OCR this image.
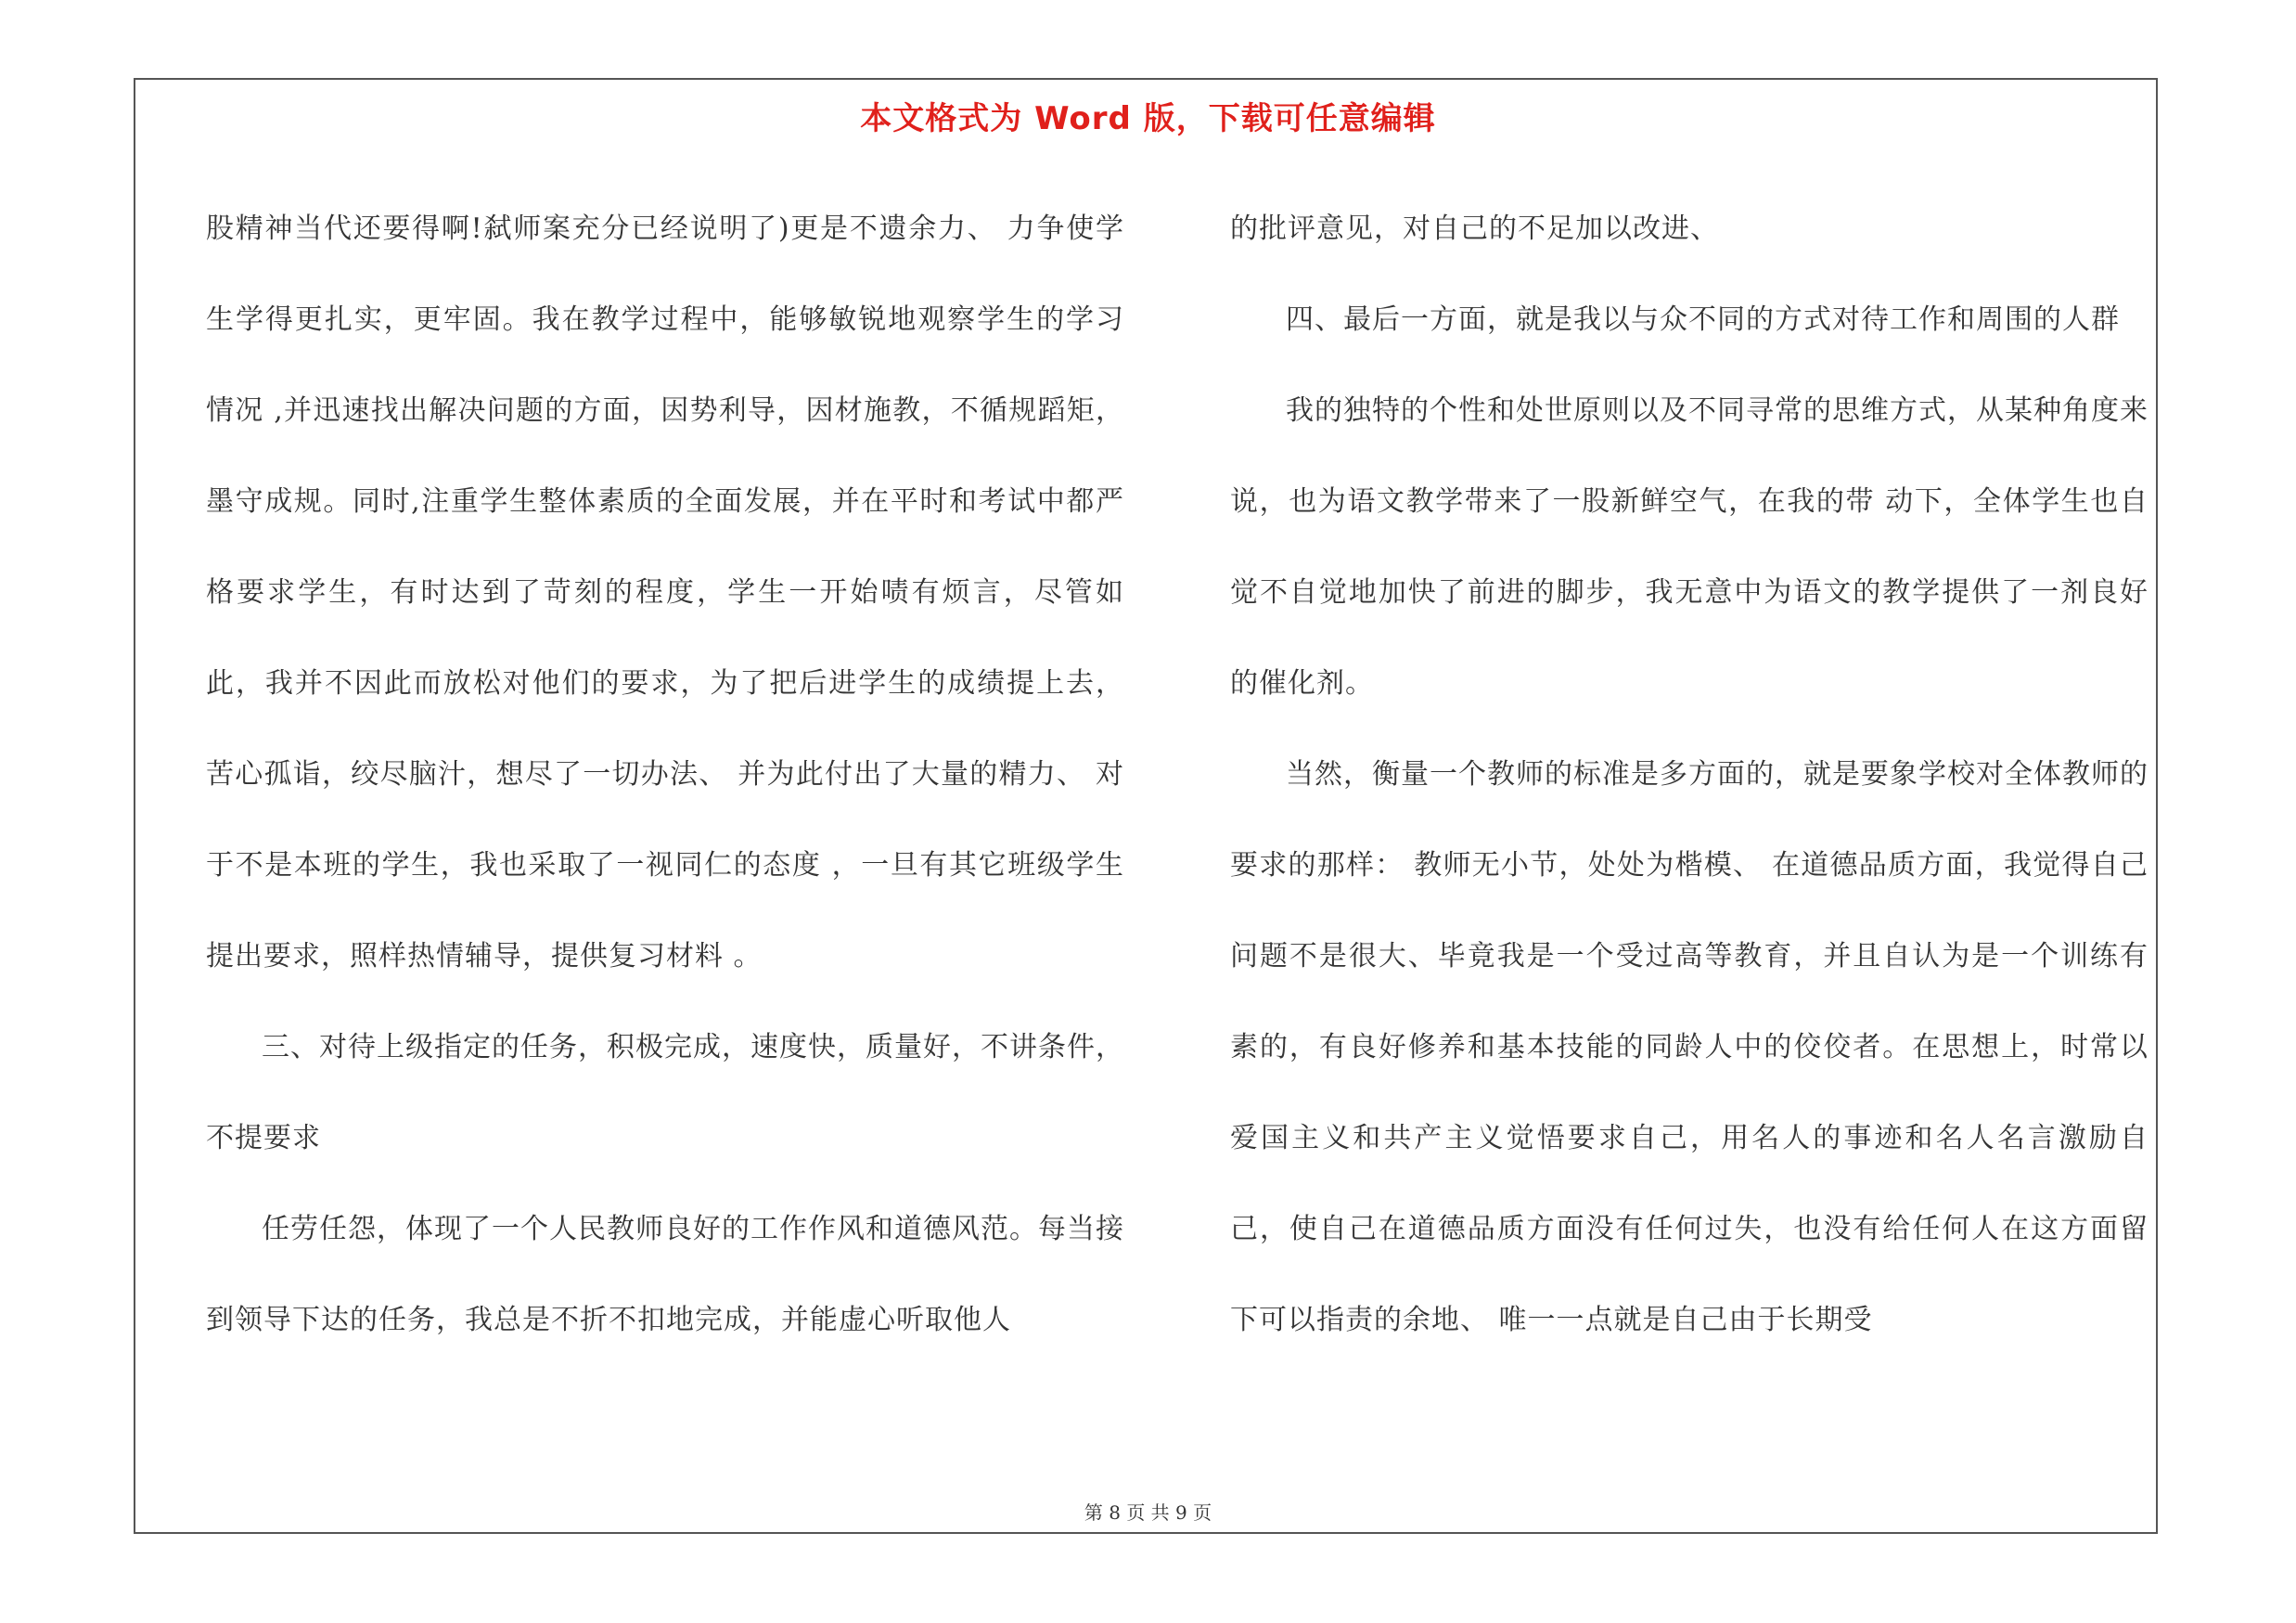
本文格式为 Word 版，下载可任意编辑

股精神当代还要得啊!弑师案充分已经说明了)更是不遗余力、 力争使学生学得更扎实，更牢固。我在教学过程中，能够敏锐地观察学生的学习情况 ,并迅速找出解决问题的方面，因势利导，因材施教，不循规蹈矩，墨守成规。同时,注重学生整体素质的全面发展，并在平时和考试中都严格要求学生，有时达到了苛刻的程度，学生一开始啧有烦言，尽管如此，我并不因此而放松对他们的要求，为了把后进学生的成绩提上去，苦心孤诣，绞尽脑汁，想尽了一切办法、 并为此付出了大量的精力、 对于不是本班的学生，我也采取了一视同仁的态度 ，一旦有其它班级学生提出要求，照样热情辅导，提供复习材料 。

三、对待上级指定的任务，积极完成，速度快，质量好，不讲条件，不提要求

任劳任怨，体现了一个人民教师良好的工作作风和道德风范。每当接到领导下达的任务，我总是不折不扣地完成，并能虚心听取他人

的批评意见，对自己的不足加以改进、

四、最后一方面，就是我以与众不同的方式对待工作和周围的人群

我的独特的个性和处世原则以及不同寻常的思维方式，从某种角度来说，也为语文教学带来了一股新鲜空气，在我的带 动下，全体学生也自觉不自觉地加快了前进的脚步，我无意中为语文的教学提供了一剂良好的催化剂。

当然，衡量一个教师的标准是多方面的，就是要象学校对全体教师的要求的那样： 教师无小节，处处为楷模、 在道德品质方面，我觉得自己问题不是很大、毕竟我是一个受过高等教育，并且自认为是一个训练有素的，有良好修养和基本技能的同龄人中的佼佼者。在思想上，时常以爱国主义和共产主义觉悟要求自己，用名人的事迹和名人名言激励自己，使自己在道德品质方面没有任何过失，也没有给任何人在这方面留下可以指责的余地、 唯一一点就是自己由于长期受

第 8 页 共 9 页
